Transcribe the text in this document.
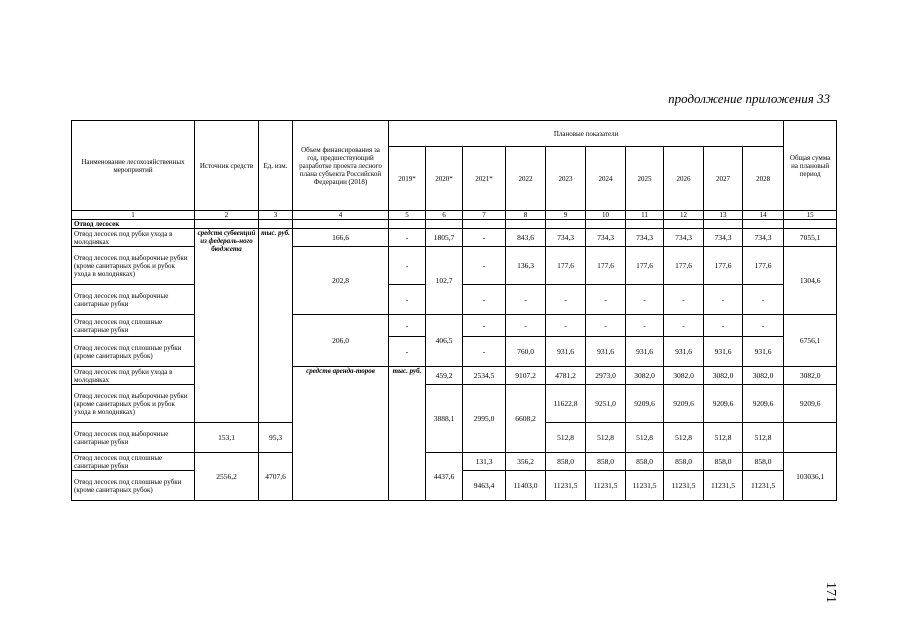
продолжение приложения 33
Наименование лесохозяйственных мероприятий	Источник средств	Ед. изм.	Объем финансирования за год, предшествующий разработке проекта лесного плана субъекта Российской Федерации (2018)	Плановые показатели										Общая сумма на плановый период	
				2019*	2020*	2021*	2022	2023	2024	2025	2026	2027	2028		
1	2	3	4	5	6	7	8	9	10	11	12	13	14	15	
Отвод лесосек															
Отвод лесосек под рубки ухода в молодняках	средств субвенций из федераль-ного бюджета	тыс. руб.	166,6	-	1805,7	-	843,6	734,3	734,3	734,3	734,3	734,3	734,3	7055,1	
Отвод лесосек под выборочные рубки (кроме санитарных рубок и рубок ухода в молодняках)			202,8	-	102,7	-	136,3	177,6	177,6	177,6	177,6	177,6	177,6	1304,6	
Отвод лесосек под выборочные санитарные рубки				-		-	-	-	-	-	-	-	-		
Отвод лесосек под сплошные санитарные рубки			206,0	-	406,5	-	-	-	-	-	-	-	-	6756,1	
Отвод лесосек под сплошные рубки (кроме санитарных рубок)				-		-	760,0	931,6	931,6	931,6	931,6	931,6	931,6		
Отвод лесосек под рубки ухода в молодняках			средств аренда-торов	тыс. руб.	459,2	2534,5	9107,2	4781,2	2973,0	3082,0	3082,0	3082,0	3082,0	3082,0		
Отвод лесосек под выборочные рубки (кроме санитарных рубок и рубок ухода в молодняках)					3888,1	2995,0	6608,2	11622,8	9251,0	9209,6	9209,6	9209,6	9209,6	9209,6		
Отвод лесосек под выборочные санитарные рубки	153,1	95,3						512,8	512,8	512,8	512,8	512,8	512,8		
Отвод лесосек под сплошные санитарные рубки	2556,2	4707,6			4437,6	131,3	356,2	858,0	858,0	858,0	858,0	858,0	858,0	103036,1	
Отвод лесосек под сплошные рубки (кроме санитарных рубок)						9463,4	11403,0	11231,5	11231,5	11231,5	11231,5	11231,5	11231,5		
171
